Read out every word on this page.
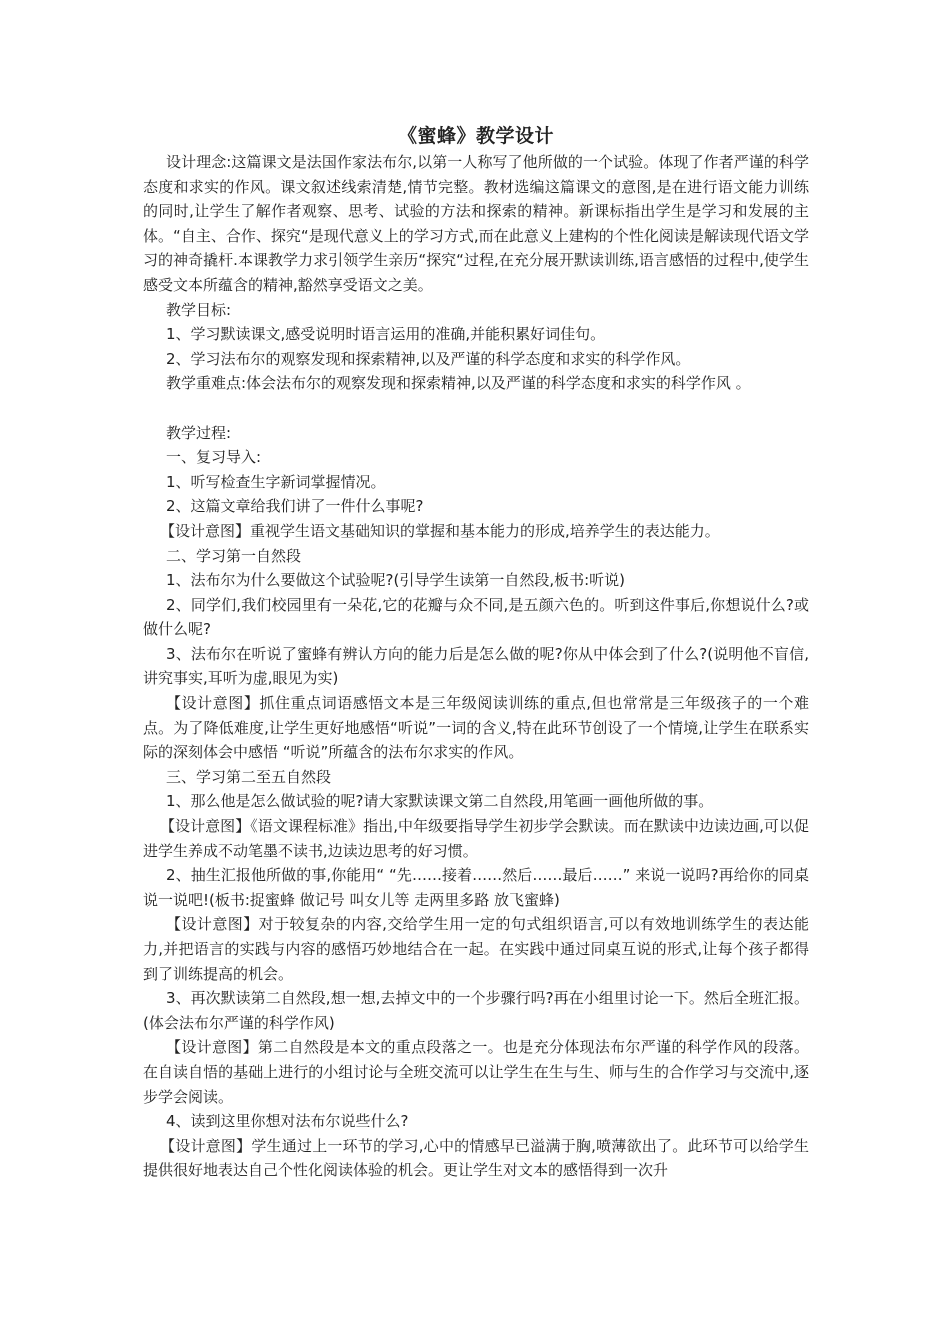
《蜜蜂》教学设计

设计理念:这篇课文是法国作家法布尔,以第一人称写了他所做的一个试验。体现了作者严谨的科学态度和求实的作风。课文叙述线索清楚,情节完整。教材选编这篇课文的意图,是在进行语文能力训练的同时,让学生了解作者观察、思考、试验的方法和探索的精神。新课标指出学生是学习和发展的主体。“自主、合作、探究“是现代意义上的学习方式,而在此意义上建构的个性化阅读是解读现代语文学习的神奇撬杆.本课教学力求引领学生亲历“探究“过程,在充分展开默读训练,语言感悟的过程中,使学生感受文本所蕴含的精神,豁然享受语文之美。

教学目标:

1、学习默读课文,感受说明时语言运用的准确,并能积累好词佳句。

2、学习法布尔的观察发现和探索精神,以及严谨的科学态度和求实的科学作风。

教学重难点:体会法布尔的观察发现和探索精神,以及严谨的科学态度和求实的科学作风 。

教学过程:

一、复习导入:

1、听写检查生字新词掌握情况。

2、这篇文章给我们讲了一件什么事呢?

【设计意图】重视学生语文基础知识的掌握和基本能力的形成,培养学生的表达能力。

二、学习第一自然段

1、法布尔为什么要做这个试验呢?(引导学生读第一自然段,板书:听说)

2、同学们,我们校园里有一朵花,它的花瓣与众不同,是五颜六色的。听到这件事后,你想说什么?或做什么呢?

3、法布尔在听说了蜜蜂有辨认方向的能力后是怎么做的呢?你从中体会到了什么?(说明他不盲信,讲究事实,耳听为虚,眼见为实)

【设计意图】抓住重点词语感悟文本是三年级阅读训练的重点,但也常常是三年级孩子的一个难点。为了降低难度,让学生更好地感悟“听说”一词的含义,特在此环节创设了一个情境,让学生在联系实际的深刻体会中感悟 “听说”所蕴含的法布尔求实的作风。

三、学习第二至五自然段

1、那么他是怎么做试验的呢?请大家默读课文第二自然段,用笔画一画他所做的事。

【设计意图】《语文课程标准》指出,中年级要指导学生初步学会默读。而在默读中边读边画,可以促进学生养成不动笔墨不读书,边读边思考的好习惯。

2、抽生汇报他所做的事,你能用“ “先……接着……然后……最后……” 来说一说吗?再给你的同桌说一说吧!(板书:捉蜜蜂 做记号 叫女儿等 走两里多路 放飞蜜蜂)

【设计意图】对于较复杂的内容,交给学生用一定的句式组织语言,可以有效地训练学生的表达能力,并把语言的实践与内容的感悟巧妙地结合在一起。在实践中通过同桌互说的形式,让每个孩子都得到了训练提高的机会。

3、再次默读第二自然段,想一想,去掉文中的一个步骤行吗?再在小组里讨论一下。然后全班汇报。(体会法布尔严谨的科学作风)

【设计意图】第二自然段是本文的重点段落之一。也是充分体现法布尔严谨的科学作风的段落。在自读自悟的基础上进行的小组讨论与全班交流可以让学生在生与生、师与生的合作学习与交流中,逐步学会阅读。

4、读到这里你想对法布尔说些什么?

【设计意图】学生通过上一环节的学习,心中的情感早已溢满于胸,喷薄欲出了。此环节可以给学生提供很好地表达自己个性化阅读体验的机会。更让学生对文本的感悟得到一次升
